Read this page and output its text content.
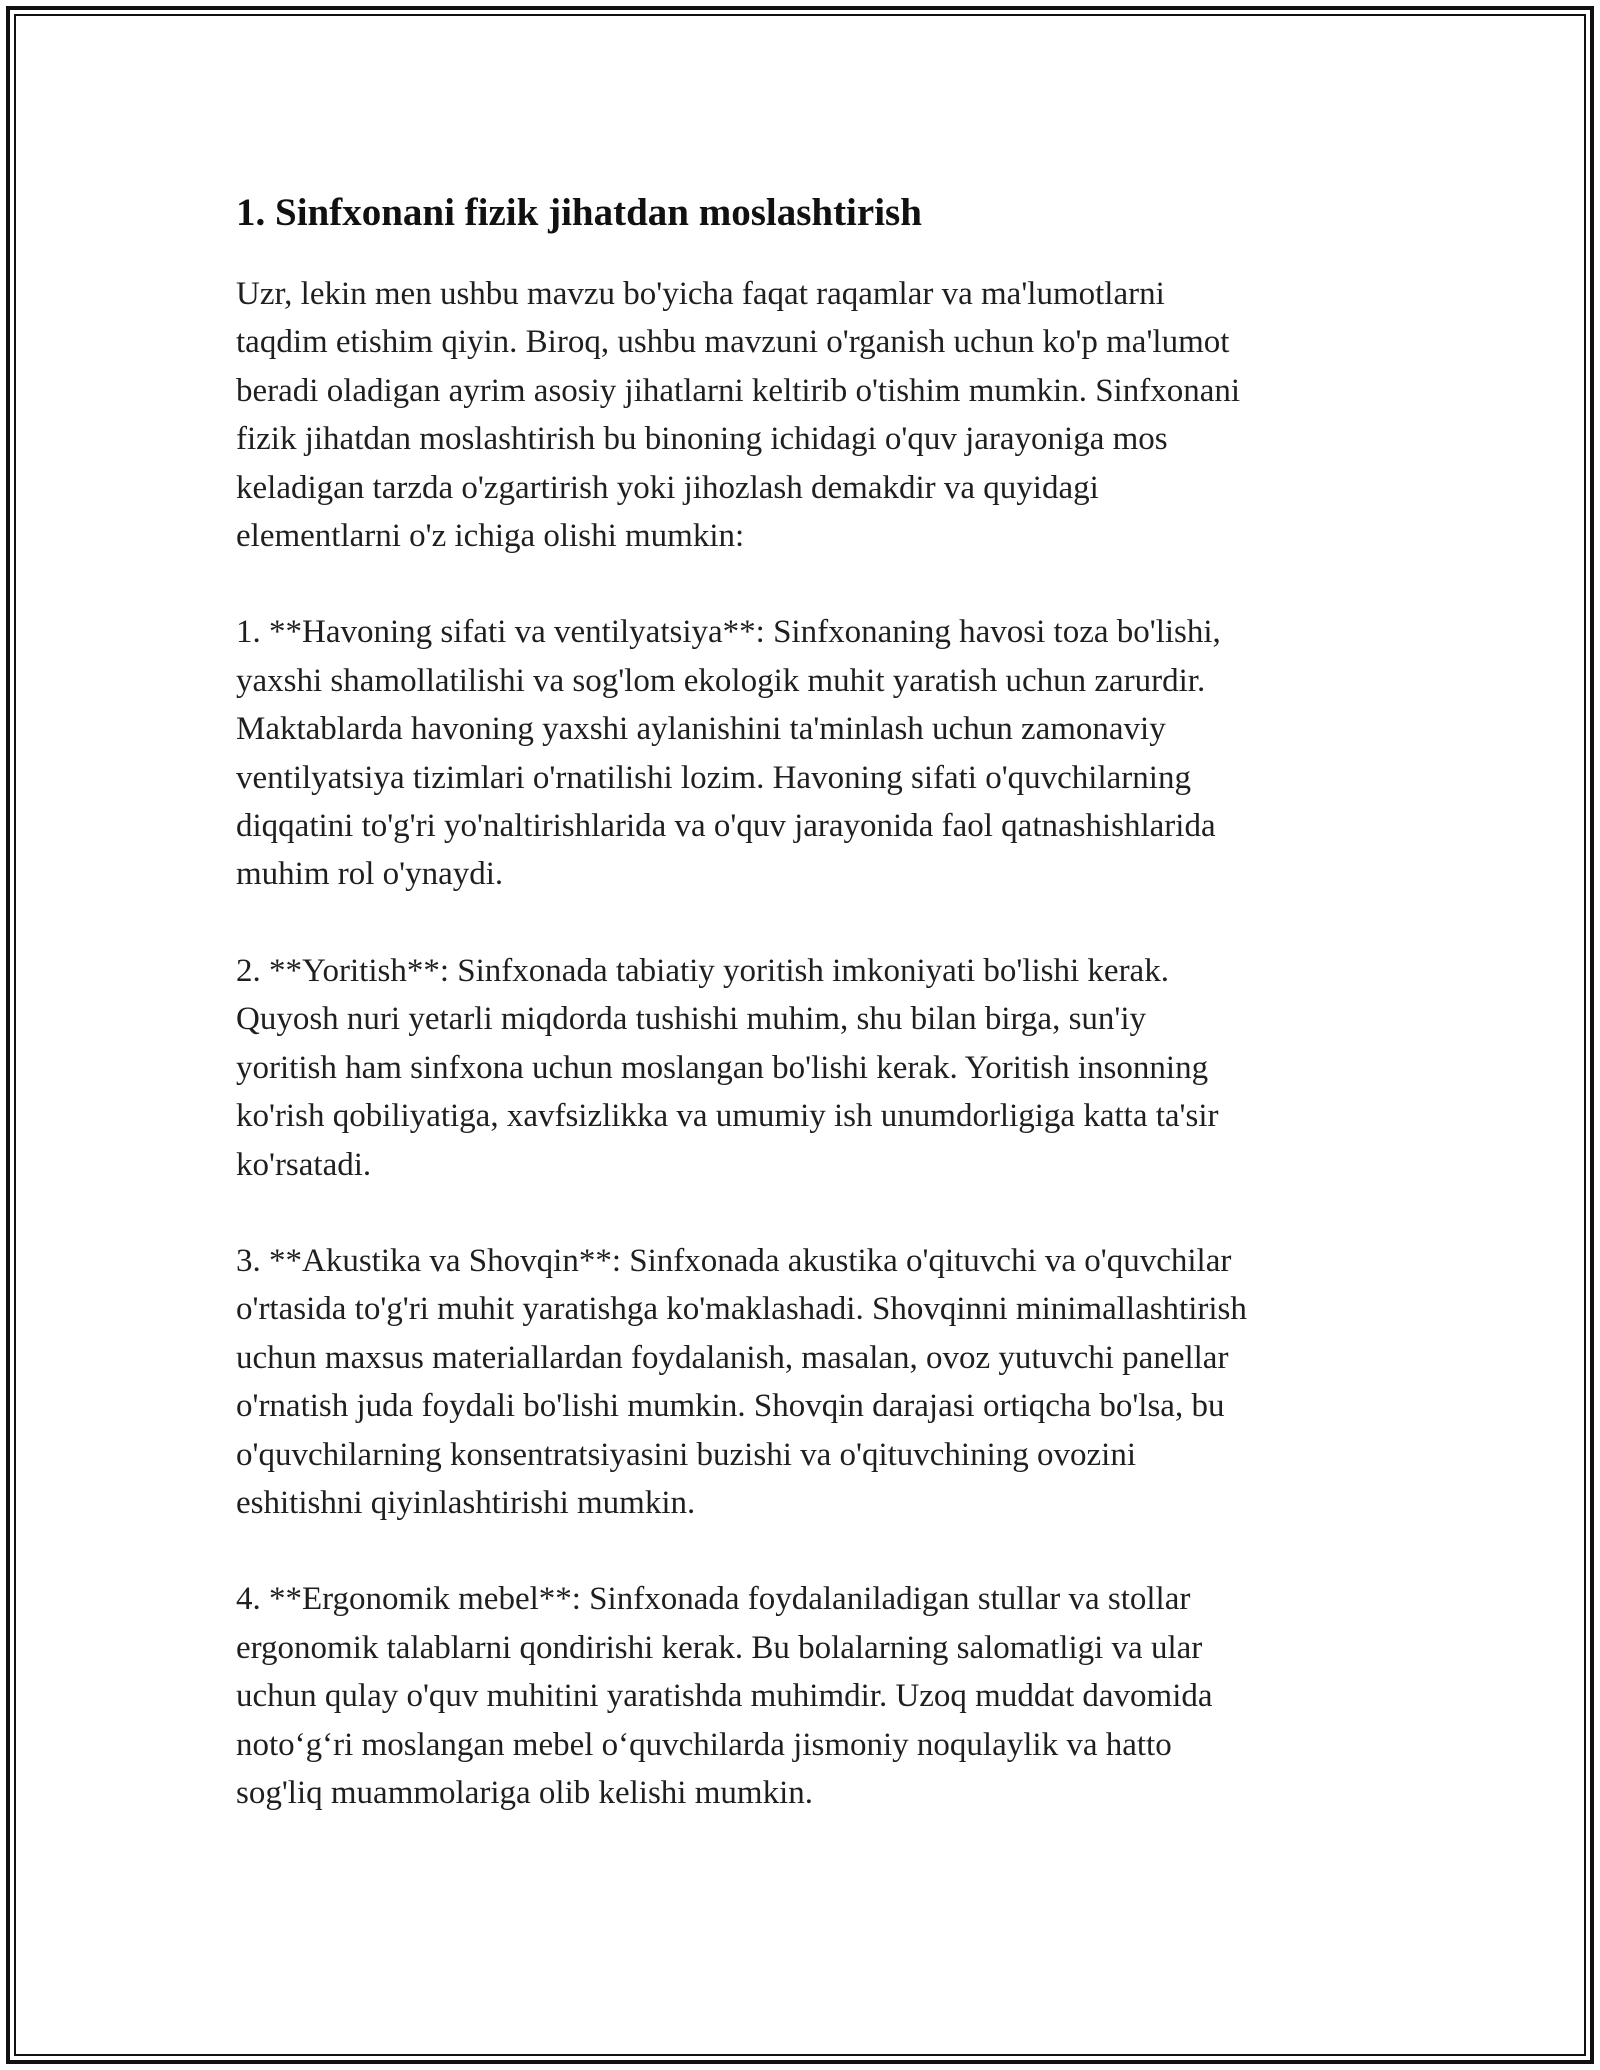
1. Sinfxonani fizik jihatdan moslashtirish

Uzr, lekin men ushbu mavzu bo'yicha faqat raqamlar va ma'lumotlarni
taqdim etishim qiyin. Biroq, ushbu mavzuni o'rganish uchun ko'p ma'lumot
beradi oladigan ayrim asosiy jihatlarni keltirib o'tishim mumkin. Sinfxonani
fizik jihatdan moslashtirish bu binoning ichidagi o'quv jarayoniga mos
keladigan tarzda o'zgartirish yoki jihozlash demakdir va quyidagi
elementlarni o'z ichiga olishi mumkin:

1. **Havoning sifati va ventilyatsiya**: Sinfxonaning havosi toza bo'lishi,
yaxshi shamollatilishi va sog'lom ekologik muhit yaratish uchun zarurdir.
Maktablarda havoning yaxshi aylanishini ta'minlash uchun zamonaviy
ventilyatsiya tizimlari o'rnatilishi lozim. Havoning sifati o'quvchilarning
diqqatini to'g'ri yo'naltirishlarida va o'quv jarayonida faol qatnashishlarida
muhim rol o'ynaydi.

2. **Yoritish**: Sinfxonada tabiatiy yoritish imkoniyati bo'lishi kerak.
Quyosh nuri yetarli miqdorda tushishi muhim, shu bilan birga, sun'iy
yoritish ham sinfxona uchun moslangan bo'lishi kerak. Yoritish insonning
ko'rish qobiliyatiga, xavfsizlikka va umumiy ish unumdorligiga katta ta'sir
ko'rsatadi.

3. **Akustika va Shovqin**: Sinfxonada akustika o'qituvchi va o'quvchilar
o'rtasida to'g'ri muhit yaratishga ko'maklashadi. Shovqinni minimallashtirish
uchun maxsus materiallardan foydalanish, masalan, ovoz yutuvchi panellar
o'rnatish juda foydali bo'lishi mumkin. Shovqin darajasi ortiqcha bo'lsa, bu
o'quvchilarning konsentratsiyasini buzishi va o'qituvchining ovozini
eshitishni qiyinlashtirishi mumkin.

4. **Ergonomik mebel**: Sinfxonada foydalaniladigan stullar va stollar
ergonomik talablarni qondirishi kerak. Bu bolalarning salomatligi va ular
uchun qulay o'quv muhitini yaratishda muhimdir. Uzoq muddat davomida
noto‘g‘ri moslangan mebel o‘quvchilarda jismoniy noqulaylik va hatto
sog'liq muammolariga olib kelishi mumkin.
